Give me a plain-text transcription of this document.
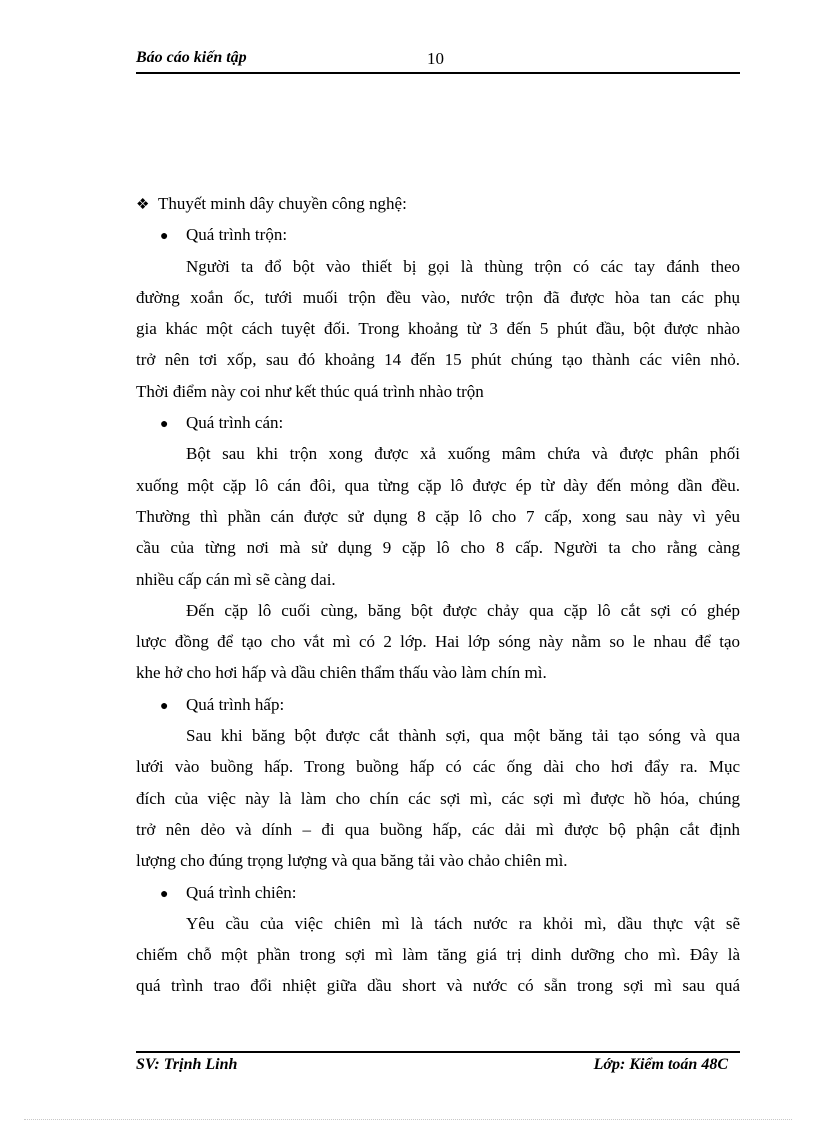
Báo cáo kiến tập	10
❖ Thuyết minh dây chuyền công nghệ:
● Quá trình trộn:
Người ta đổ bột vào thiết bị gọi là thùng trộn có các tay đánh theo
đường xoắn ốc, tưới muối trộn đều vào, nước trộn đã được hòa tan các phụ
gia khác một cách tuyệt đối. Trong khoảng từ 3 đến 5 phút đầu, bột được nhào
trở nên tơi xốp, sau đó khoảng 14 đến 15 phút chúng tạo thành các viên nhỏ.
Thời điểm này coi như kết thúc quá trình nhào trộn
● Quá trình cán:
Bột sau khi trộn xong được xả xuống mâm chứa và được phân phối
xuống một cặp lô cán đôi, qua từng cặp lô được ép từ dày đến mỏng dần đều.
Thường thì phần cán được sử dụng 8 cặp lô cho 7 cấp, xong sau này vì yêu
cầu của từng nơi mà sử dụng 9 cặp lô cho 8 cấp. Người ta cho rằng càng
nhiều cấp cán mì sẽ càng dai.
Đến cặp lô cuối cùng, băng bột được chảy qua cặp lô cắt sợi có ghép
lược đồng để tạo cho vắt mì có 2 lớp. Hai lớp sóng này nằm so le nhau để tạo
khe hở cho hơi hấp và dầu chiên thẩm thấu vào làm chín mì.
● Quá trình hấp:
Sau khi băng bột được cắt thành sợi, qua một băng tải tạo sóng và qua
lưới vào buồng hấp. Trong buồng hấp có các ống dài cho hơi đẩy ra. Mục
đích của việc này là làm cho chín các sợi mì, các sợi mì được hồ hóa, chúng
trở nên dẻo và dính – đi qua buồng hấp, các dải mì được bộ phận cắt định
lượng cho đúng trọng lượng và qua băng tải vào chảo chiên mì.
● Quá trình chiên:
Yêu cầu của việc chiên mì là tách nước ra khỏi mì, dầu thực vật sẽ
chiếm chỗ một phần trong sợi mì làm tăng giá trị dinh dưỡng cho mì. Đây là
quá trình trao đổi nhiệt giữa dầu short và nước có sẵn trong sợi mì sau quá
SV: Trịnh Linh	Lớp: Kiểm toán 48C
